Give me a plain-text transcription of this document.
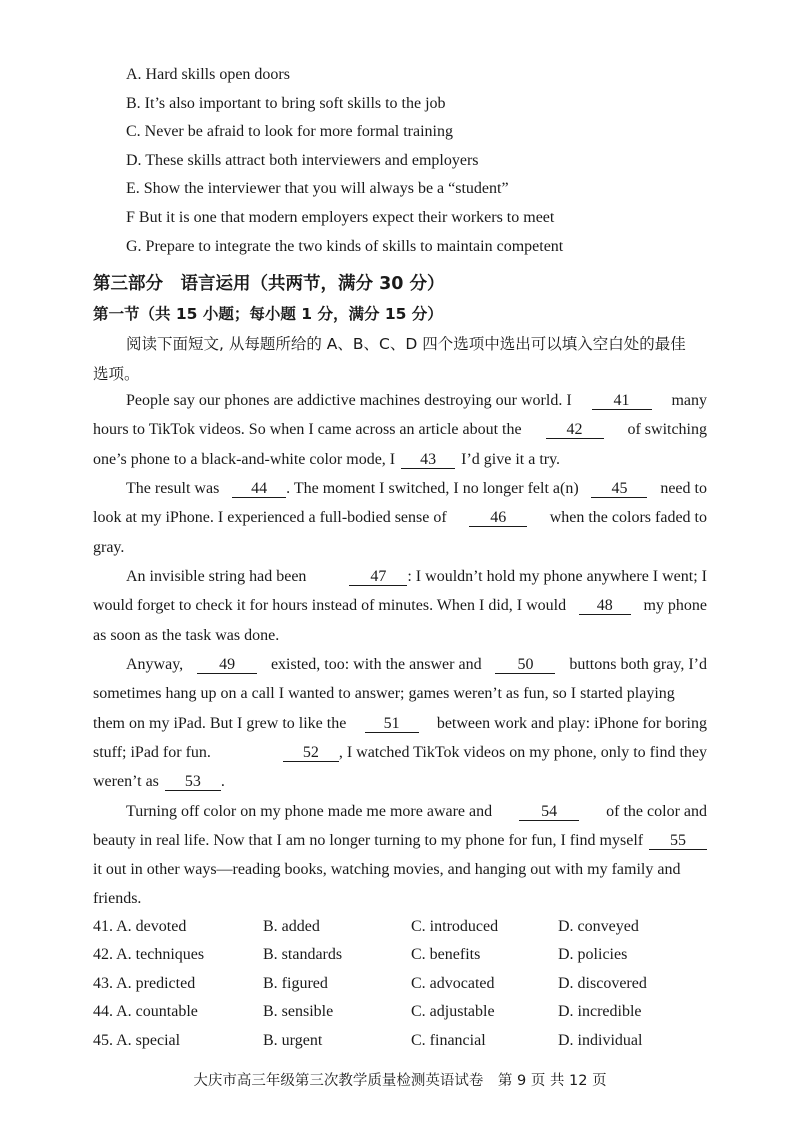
A. Hard skills open doors
B. It’s also important to bring soft skills to the job
C. Never be afraid to look for more formal training
D. These skills attract both interviewers and employers
E. Show the interviewer that you will always be a “student”
F But it is one that modern employers expect their workers to meet
G. Prepare to integrate the two kinds of skills to maintain competent
第三部分　语言运用（共两节，满分 30 分）
第一节（共 15 小题；每小题 1 分，满分 15 分）
阅读下面短文, 从每题所给的 A、B、C、D 四个选项中选出可以填入空白处的最佳
选项。
People say our phones are addictive machines destroying our world. I	41	many
hours to TikTok videos. So when I came across an article about the	42	of switching
one’s phone to a black-and-white color mode, I	43	I’d give it a try.
The result was	44 . The moment I switched, I no longer felt a(n)	45	need to
look at my iPhone. I experienced a full-bodied sense of	46	when the colors faded to
gray.
An invisible string had been	47 : I wouldn’t hold my phone anywhere I went; I
would forget to check it for hours instead of minutes. When I did, I would	48	my phone
as soon as the task was done.
Anyway,	49	existed, too: with the answer and	50	buttons both gray, I’d
sometimes hang up on a call I wanted to answer; games weren’t as fun, so I started playing
them on my iPad. But I grew to like the	51	between work and play: iPhone for boring
stuff; iPad for fun.	52 , I watched TikTok videos on my phone, only to find they
weren’t as	53	.
Turning off color on my phone made me more aware and	54	of the color and
beauty in real life. Now that I am no longer turning to my phone for fun, I find myself	55
it out in other ways—reading books, watching movies, and hanging out with my family and
friends.
41. A. devoted	B. added	C. introduced	D. conveyed
42. A. techniques	B. standards	C. benefits	D. policies
43. A. predicted	B. figured	C. advocated	D. discovered
44. A. countable	B. sensible	C. adjustable	D. incredible
45. A. special	B. urgent	C. financial	D. individual
大庆市高三年级第三次教学质量检测英语试卷　第 9 页 共 12 页
